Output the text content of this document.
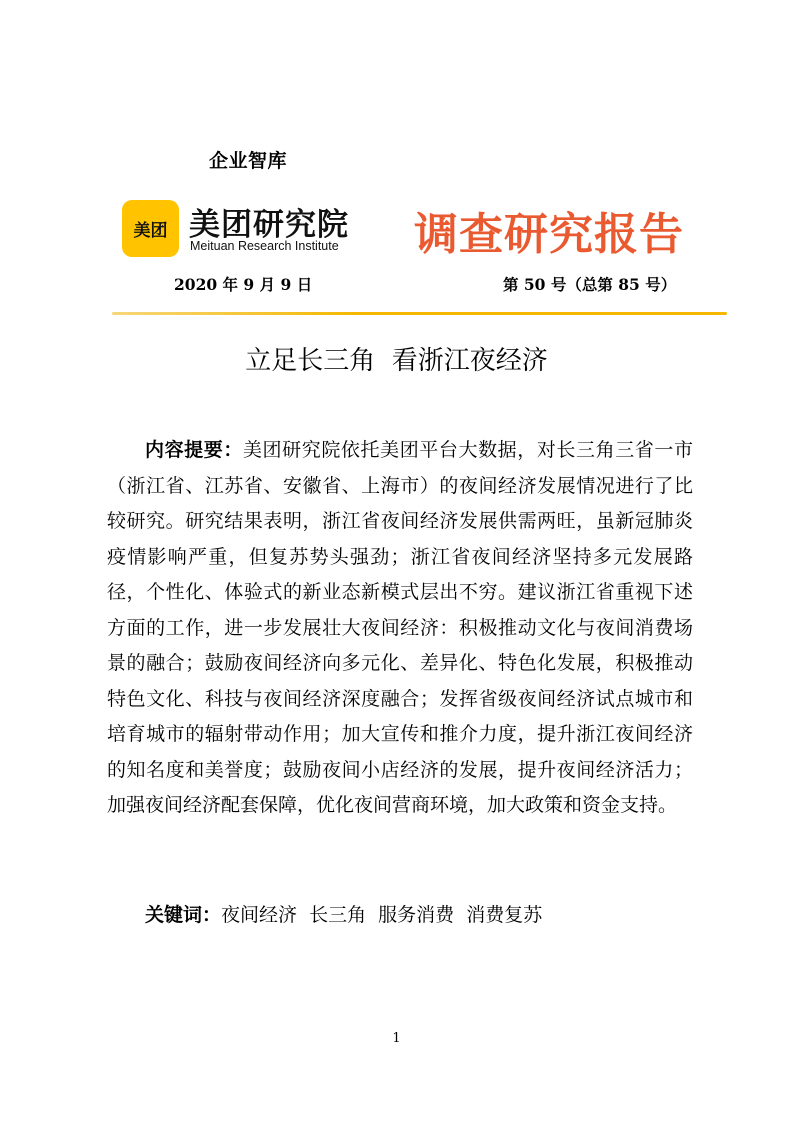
企业智库
美团 美团研究院
Meituan Research Institute 调查研究报告
2020 年 9 月 9 日	第 50 号（总第 85 号）
立足长三角  看浙江夜经济

内容提要：美团研究院依托美团平台大数据，对长三角三省一市（浙江省、江苏省、安徽省、上海市）的夜间经济发展情况进行了比较研究。研究结果表明，浙江省夜间经济发展供需两旺，虽新冠肺炎疫情影响严重，但复苏势头强劲；浙江省夜间经济坚持多元发展路径，个性化、体验式的新业态新模式层出不穷。建议浙江省重视下述方面的工作，进一步发展壮大夜间经济：积极推动文化与夜间消费场景的融合；鼓励夜间经济向多元化、差异化、特色化发展，积极推动特色文化、科技与夜间经济深度融合；发挥省级夜间经济试点城市和培育城市的辐射带动作用；加大宣传和推介力度，提升浙江夜间经济的知名度和美誉度；鼓励夜间小店经济的发展，提升夜间经济活力；加强夜间经济配套保障，优化夜间营商环境，加大政策和资金支持。

关键词：夜间经济  长三角  服务消费  消费复苏
1
